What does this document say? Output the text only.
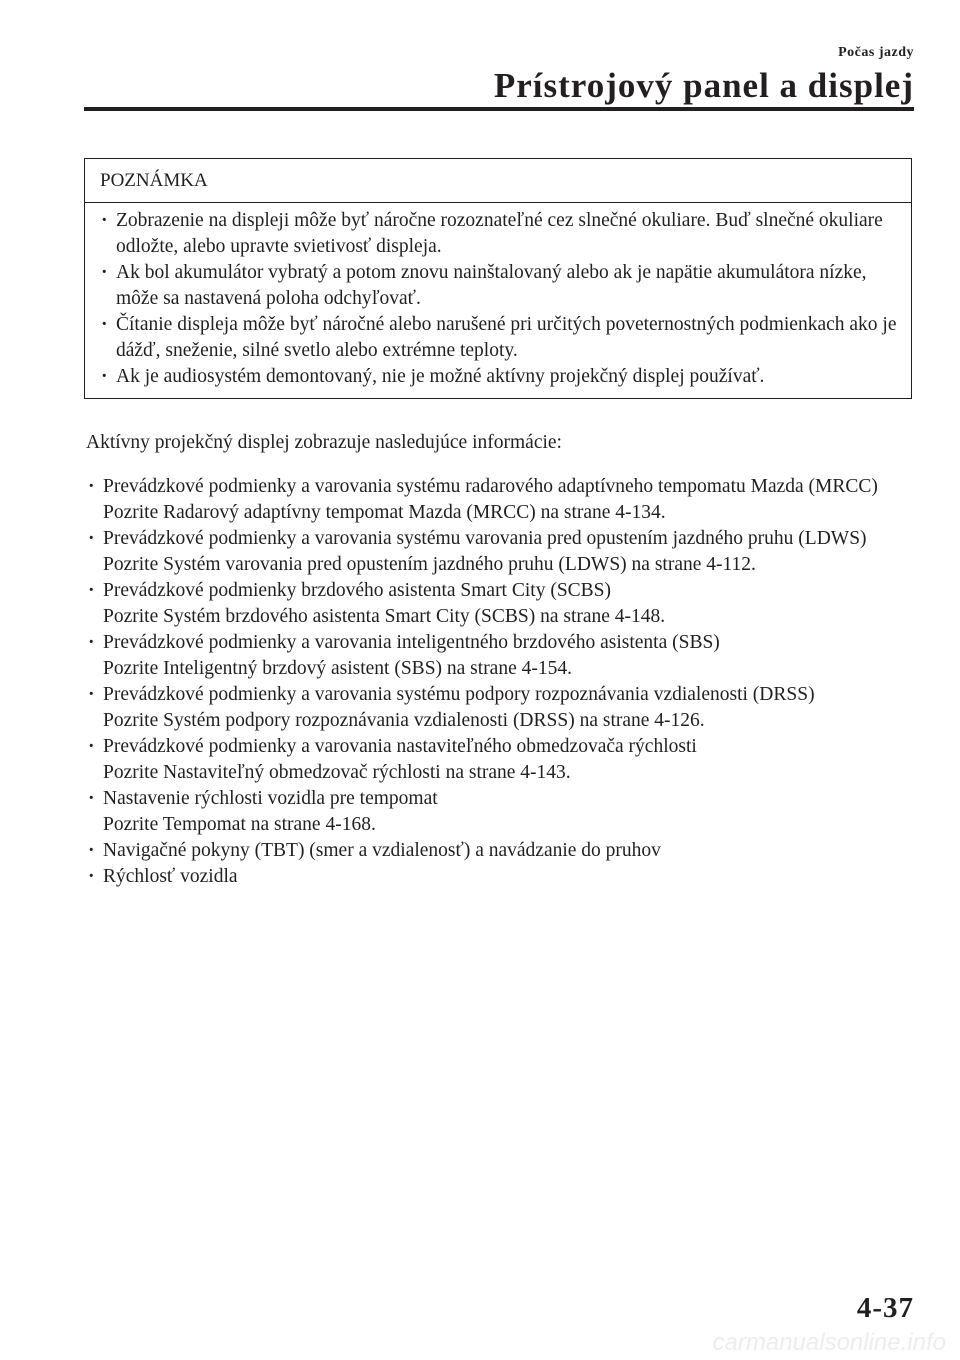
Počas jazdy
Prístrojový panel a displej
POZNÁMKA
· Zobrazenie na displeji môže byť náročne rozoznateľné cez slnečné okuliare. Buď slnečné okuliare odložte, alebo upravte svietivosť displeja.
· Ak bol akumulátor vybratý a potom znovu nainštalovaný alebo ak je napätie akumulátora nízke, môže sa nastavená poloha odchyľovať.
· Čítanie displeja môže byť náročné alebo narušené pri určitých poveternostných podmienkach ako je dážď, sneženie, silné svetlo alebo extrémne teploty.
· Ak je audiosystém demontovaný, nie je možné aktívny projekčný displej používať.
Aktívny projekčný displej zobrazuje nasledujúce informácie:
· Prevádzkové podmienky a varovania systému radarového adaptívneho tempomatu Mazda (MRCC)
Pozrite Radarový adaptívny tempomat Mazda (MRCC) na strane 4-134.
· Prevádzkové podmienky a varovania systému varovania pred opustením jazdného pruhu (LDWS)
Pozrite Systém varovania pred opustením jazdného pruhu (LDWS) na strane 4-112.
· Prevádzkové podmienky brzdového asistenta Smart City (SCBS)
Pozrite Systém brzdového asistenta Smart City (SCBS) na strane 4-148.
· Prevádzkové podmienky a varovania inteligentného brzdového asistenta (SBS)
Pozrite Inteligentný brzdový asistent (SBS) na strane 4-154.
· Prevádzkové podmienky a varovania systému podpory rozpoznávania vzdialenosti (DRSS)
Pozrite Systém podpory rozpoznávania vzdialenosti (DRSS) na strane 4-126.
· Prevádzkové podmienky a varovania nastaviteľného obmedzovača rýchlosti
Pozrite Nastaviteľný obmedzovač rýchlosti na strane 4-143.
· Nastavenie rýchlosti vozidla pre tempomat
Pozrite Tempomat na strane 4-168.
· Navigačné pokyny (TBT) (smer a vzdialenosť) a navádzanie do pruhov
· Rýchlosť vozidla
4-37
carmanualsonline.info
